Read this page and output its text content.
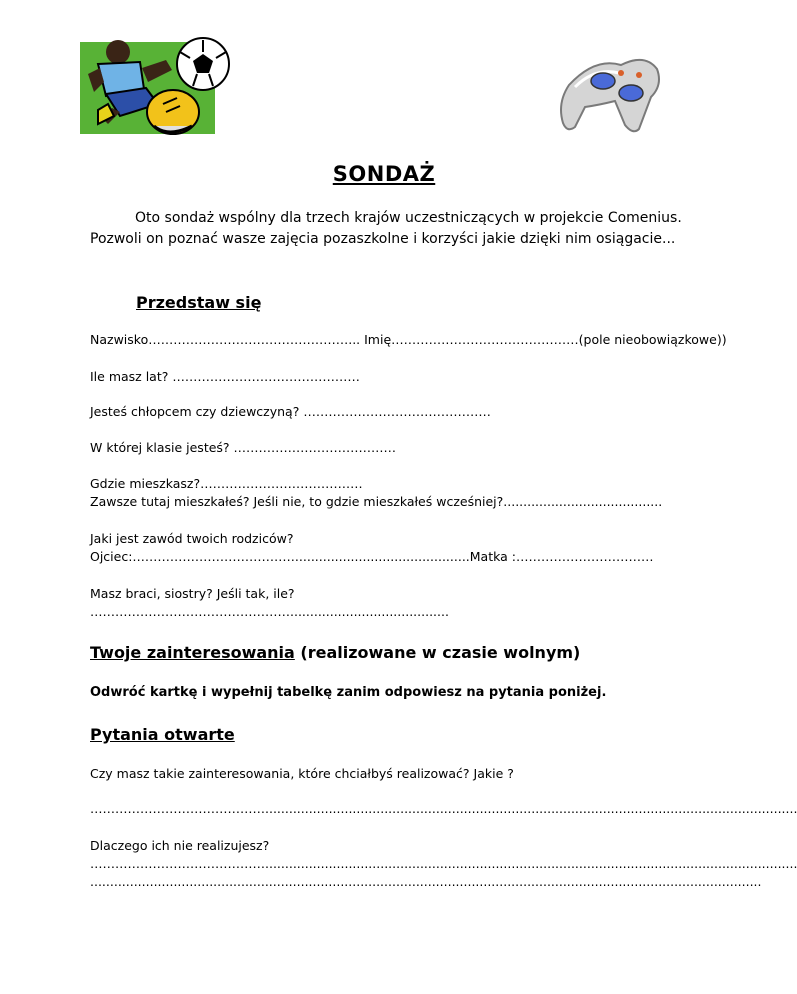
SONDAŻ
Oto sondaż wspólny dla trzech krajów uczestniczących w projekcie Comenius. Pozwoli on poznać wasze zajęcia pozaszkolne i korzyści jakie dzięki nim osiągacie...
Przedstaw się
Nazwisko…………………………………………... Imię………………………………………(pole nieobowiązkowe))
Ile masz lat? ………………………………………
Jesteś chłopcem czy dziewczyną? ………………………………………
W której klasie jesteś? …………………………………
Gdzie mieszkasz?…………………………………
Zawsze tutaj mieszkałeś? Jeśli nie, to gdzie mieszkałeś wcześniej?........................................
Jaki jest zawód twoich rodziców?
Ojciec:…………………………………............................................Matka :……………………………
Masz braci, siostry? Jeśli tak, ile?
…………………………………………........................................
Twoje zainteresowania (realizowane w czasie wolnym)
Odwróć kartkę i wypełnij tabelkę zanim odpowiesz na pytania poniżej.
Pytania otwarte
Czy masz takie zainteresowania, które chciałbyś realizować? Jakie ?
……………………………………......................................................................................................................................
Dlaczego ich nie realizujesz?
……………………………………......................................................................................................................................
.........................................................................................................................................................................
